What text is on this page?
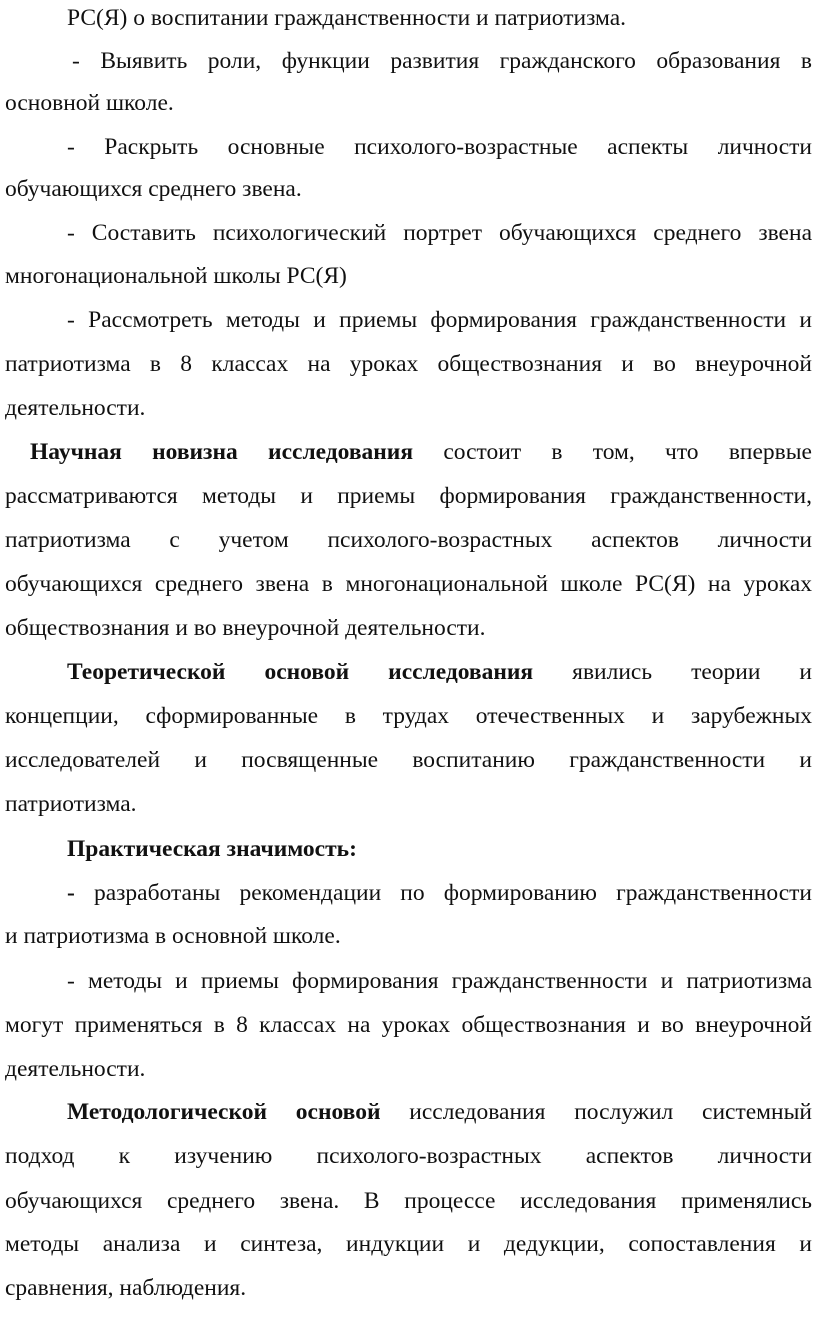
РС(Я) о воспитании гражданственности и патриотизма.
- Выявить роли, функции развития гражданского образования в
основной школе.
- Раскрыть основные психолого-возрастные аспекты личности
обучающихся среднего звена.
- Составить психологический портрет обучающихся среднего звена
многонациональной школы РС(Я)
- Рассмотреть методы и приемы формирования гражданственности и
патриотизма в 8 классах на уроках обществознания и во внеурочной
деятельности.
Научная новизна исследования состоит в том, что впервые
рассматриваются методы и приемы формирования гражданственности,
патриотизма с учетом психолого-возрастных аспектов личности
обучающихся среднего звена в многонациональной школе РС(Я) на уроках
обществознания и во внеурочной деятельности.
Теоретической основой исследования явились теории и
концепции, сформированные в трудах отечественных и зарубежных
исследователей и посвященные воспитанию гражданственности и
патриотизма.
Практическая значимость:
- разработаны рекомендации по формированию гражданственности
и патриотизма в основной школе.
- методы и приемы формирования гражданственности и патриотизма
могут применяться в 8 классах на уроках обществознания и во внеурочной
деятельности.
Методологической основой исследования послужил системный
подход к изучению психолого-возрастных аспектов личности
обучающихся среднего звена. В процессе исследования применялись
методы анализа и синтеза, индукции и дедукции, сопоставления и
сравнения, наблюдения.
